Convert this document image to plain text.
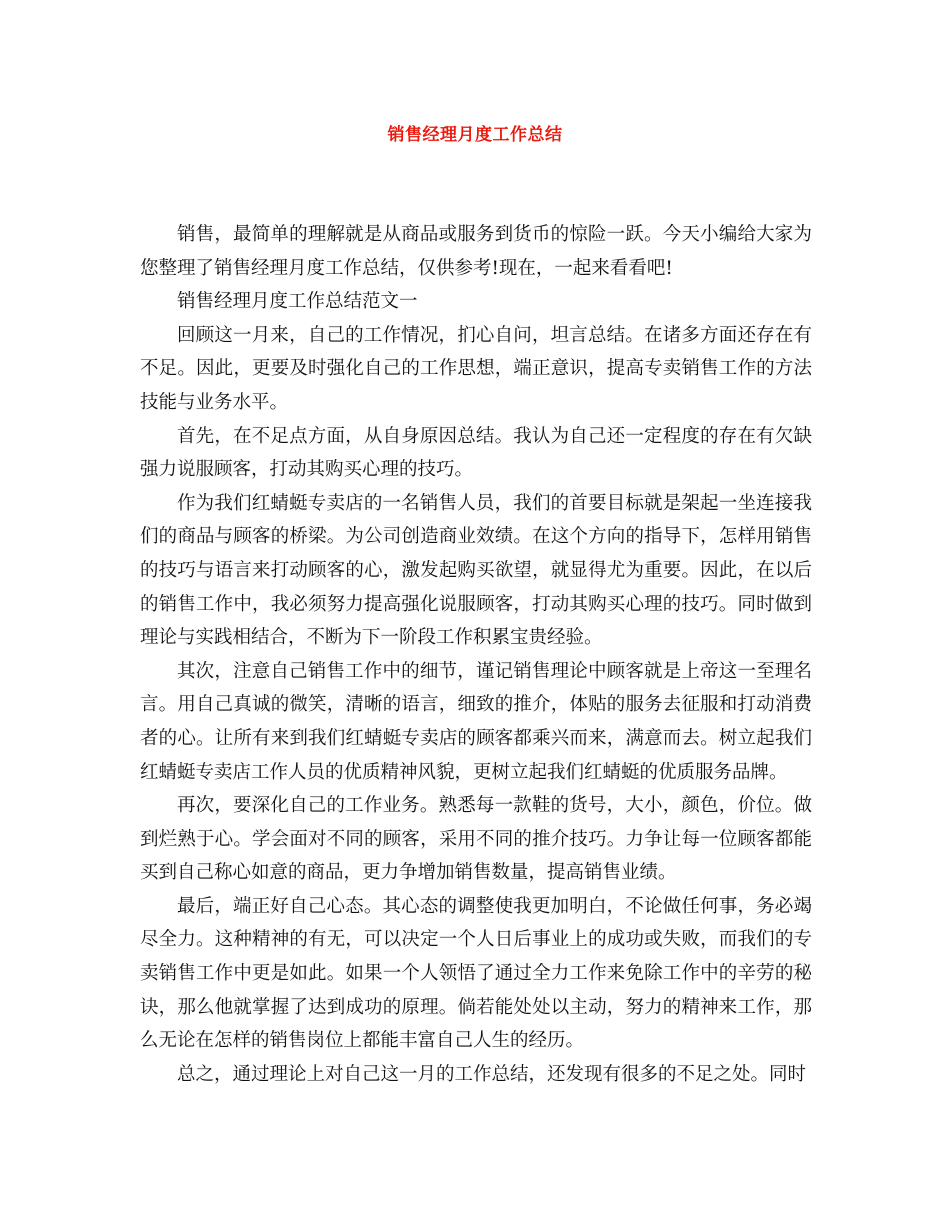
销售经理月度工作总结

销售，最简单的理解就是从商品或服务到货币的惊险一跃。今天小编给大家为您整理了销售经理月度工作总结，仅供参考!现在，一起来看看吧!

销售经理月度工作总结范文一

回顾这一月来，自己的工作情况，扪心自问，坦言总结。在诸多方面还存在有不足。因此，更要及时强化自己的工作思想，端正意识，提高专卖销售工作的方法技能与业务水平。

首先，在不足点方面，从自身原因总结。我认为自己还一定程度的存在有欠缺强力说服顾客，打动其购买心理的技巧。

作为我们红蜻蜓专卖店的一名销售人员，我们的首要目标就是架起一坐连接我们的商品与顾客的桥梁。为公司创造商业效绩。在这个方向的指导下，怎样用销售的技巧与语言来打动顾客的心，激发起购买欲望，就显得尤为重要。因此，在以后的销售工作中，我必须努力提高强化说服顾客，打动其购买心理的技巧。同时做到理论与实践相结合，不断为下一阶段工作积累宝贵经验。

其次，注意自己销售工作中的细节，谨记销售理论中顾客就是上帝这一至理名言。用自己真诚的微笑，清晰的语言，细致的推介，体贴的服务去征服和打动消费者的心。让所有来到我们红蜻蜓专卖店的顾客都乘兴而来，满意而去。树立起我们红蜻蜓专卖店工作人员的优质精神风貌，更树立起我们红蜻蜓的优质服务品牌。

再次，要深化自己的工作业务。熟悉每一款鞋的货号，大小，颜色，价位。做到烂熟于心。学会面对不同的顾客，采用不同的推介技巧。力争让每一位顾客都能买到自己称心如意的商品，更力争增加销售数量，提高销售业绩。

最后，端正好自己心态。其心态的调整使我更加明白，不论做任何事，务必竭尽全力。这种精神的有无，可以决定一个人日后事业上的成功或失败，而我们的专卖销售工作中更是如此。如果一个人领悟了通过全力工作来免除工作中的辛劳的秘诀，那么他就掌握了达到成功的原理。倘若能处处以主动，努力的精神来工作，那么无论在怎样的销售岗位上都能丰富自己人生的经历。

总之，通过理论上对自己这一月的工作总结，还发现有很多的不足之处。同时
